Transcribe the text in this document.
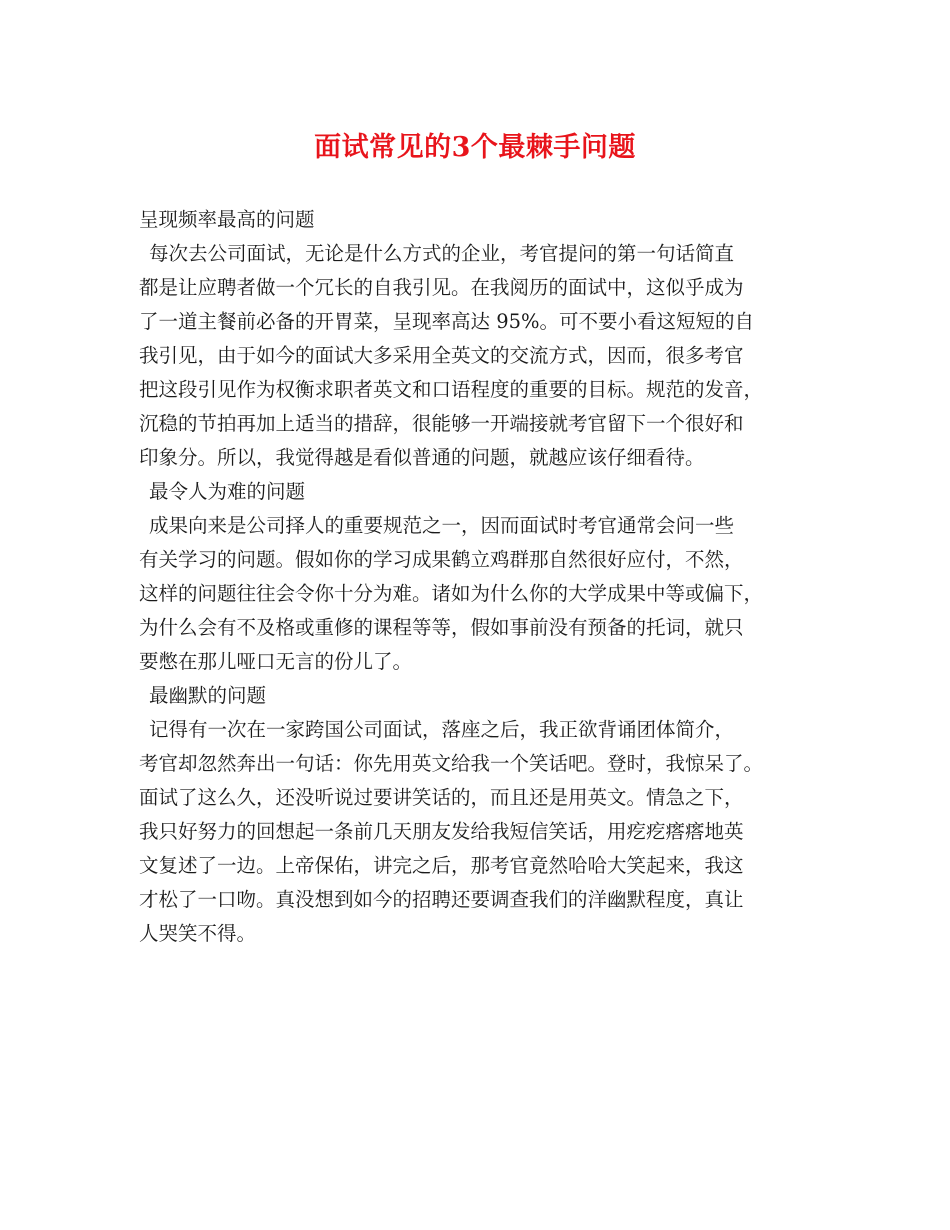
面试常见的3个最棘手问题
呈现频率最高的问题
每次去公司面试，无论是什么方式的企业，考官提问的第一句话简直
都是让应聘者做一个冗长的自我引见。在我阅历的面试中，这似乎成为
了一道主餐前必备的开胃菜，呈现率高达 95%。可不要小看这短短的自
我引见，由于如今的面试大多采用全英文的交流方式，因而，很多考官
把这段引见作为权衡求职者英文和口语程度的重要的目标。规范的发音，
沉稳的节拍再加上适当的措辞，很能够一开端接就考官留下一个很好和
印象分。所以，我觉得越是看似普通的问题，就越应该仔细看待。
最令人为难的问题
成果向来是公司择人的重要规范之一，因而面试时考官通常会问一些
有关学习的问题。假如你的学习成果鹤立鸡群那自然很好应付，不然，
这样的问题往往会令你十分为难。诸如为什么你的大学成果中等或偏下，
为什么会有不及格或重修的课程等等，假如事前没有预备的托词，就只
要憋在那儿哑口无言的份儿了。
最幽默的问题
记得有一次在一家跨国公司面试，落座之后，我正欲背诵团体简介，
考官却忽然奔出一句话：你先用英文给我一个笑话吧。登时，我惊呆了。
面试了这么久，还没听说过要讲笑话的，而且还是用英文。情急之下，
我只好努力的回想起一条前几天朋友发给我短信笑话，用疙疙瘩瘩地英
文复述了一边。上帝保佑，讲完之后，那考官竟然哈哈大笑起来，我这
才松了一口吻。真没想到如今的招聘还要调查我们的洋幽默程度，真让
人哭笑不得。
